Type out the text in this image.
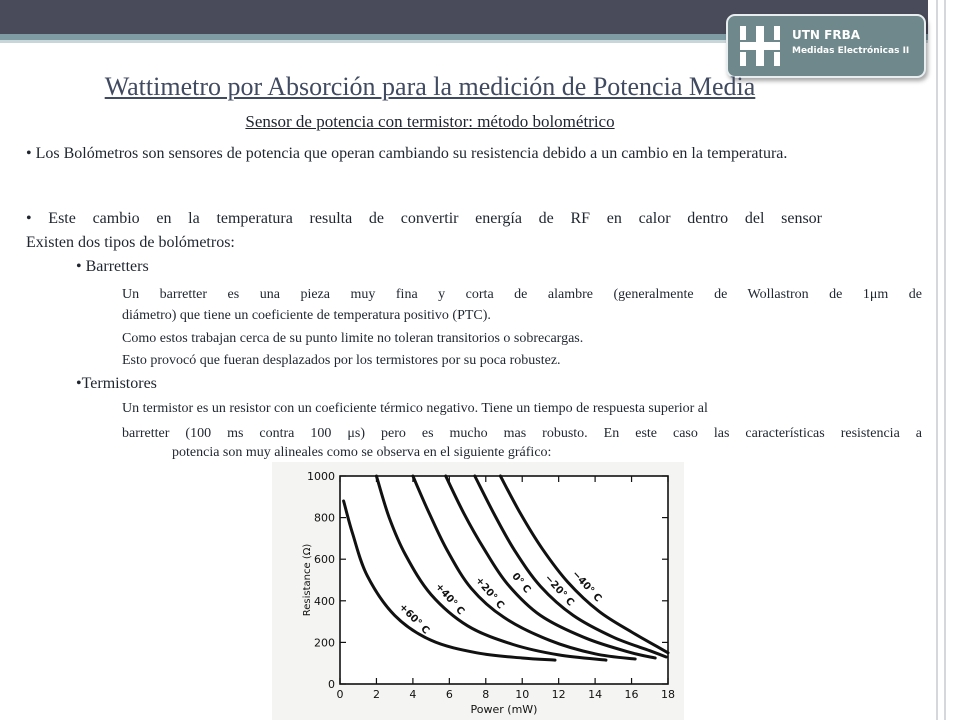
UTN FRBA
Medidas Electrónicas II
Wattimetro por Absorción para la medición de Potencia Media
Sensor de potencia con termistor: método bolométrico
• Los Bolómetros son sensores de potencia que operan cambiando su resistencia debido a un cambio en la temperatura.
• Este cambio en la temperatura resulta de convertir energía de RF en calor dentro del sensor
Existen dos tipos de bolómetros:
• Barretters
Un barretter es una pieza muy fina y corta de alambre (generalmente de Wollastron de 1μm de
diámetro) que tiene un coeficiente de temperatura positivo (PTC).
Como estos trabajan cerca de su punto limite no toleran transitorios o sobrecargas.
Esto provocó que fueran desplazados por los termistores por su poca robustez.
•Termistores
Un termistor es un resistor con un coeficiente térmico negativo. Tiene un tiempo de respuesta superior al
barretter (100 ms contra 100 μs) pero es mucho mas robusto. En este caso las características resistencia a
potencia son muy alineales como se observa en el siguiente gráfico:
0
200
400
600
800
1000
0	2	4	6	8 10 12 14 16 18
Power (mW)
Resistance (Ω)
+60° C
+40° C +20° C 0° C −20° C
−40° C
